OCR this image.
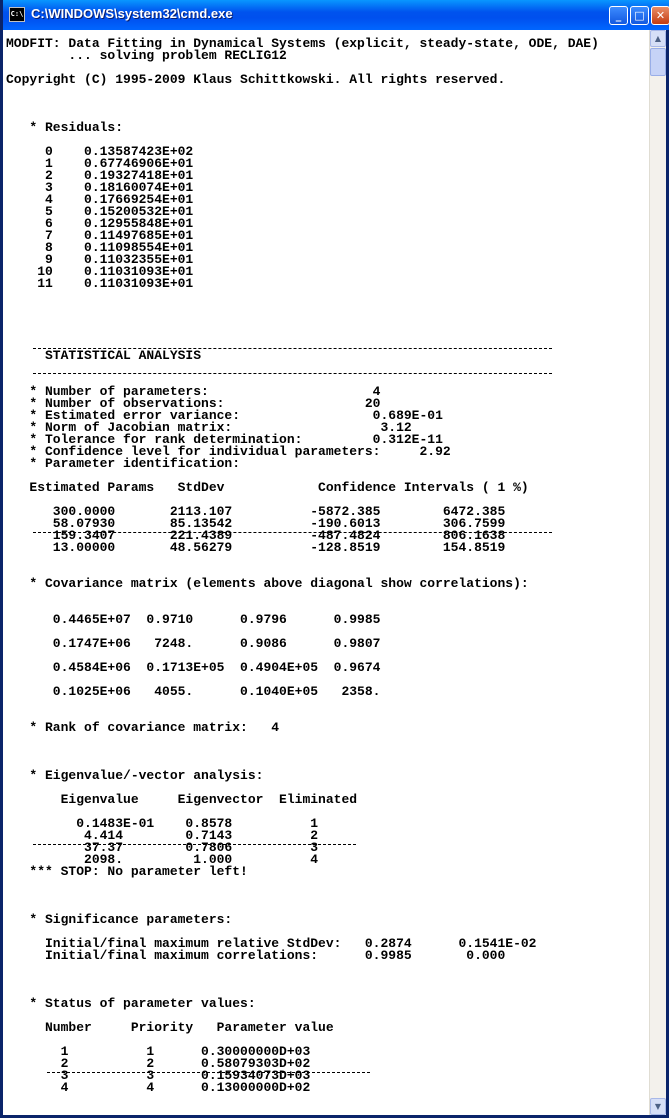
C:\ C:\WINDOWS\system32\cmd.exe	_	□	✕
MODFIT: Data Fitting in Dynamical Systems (explicit, steady-state, ODE, DAE)
... solving problem RECLIG12
Copyright (C) 1995-2009 Klaus Schittkowski. All rights reserved.
* Residuals:
0    0.13587423E+02
1    0.67746906E+01
2    0.19327418E+01
3    0.18160074E+01
4    0.17669254E+01
5    0.15200532E+01
6    0.12955848E+01
7    0.11497685E+01
8    0.11098554E+01
9    0.11032355E+01
10    0.11031093E+01
11    0.11031093E+01
STATISTICAL ANALYSIS
* Number of parameters:                     4
* Number of observations:                  20
* Estimated error variance:                 0.689E-01
* Norm of Jacobian matrix:                   3.12
* Tolerance for rank determination:         0.312E-11
* Confidence level for individual parameters:     2.92
* Parameter identification:
Estimated Params   StdDev            Confidence Intervals ( 1 %)
300.0000       2113.107          -5872.385        6472.385
58.07930       85.13542          -190.6013        306.7599
159.3407       221.4389          -487.4824        806.1638
13.00000       48.56279          -128.8519        154.8519
* Covariance matrix (elements above diagonal show correlations):
0.4465E+07  0.9710      0.9796      0.9985
0.1747E+06   7248.      0.9086      0.9807
0.4584E+06  0.1713E+05  0.4904E+05  0.9674
0.1025E+06   4055.      0.1040E+05   2358.
* Rank of covariance matrix:   4
* Eigenvalue/-vector analysis:
Eigenvalue     Eigenvector  Eliminated
0.1483E-01    0.8578          1
4.414        0.7143          2
37.37        0.7806          3
2098.         1.000          4
*** STOP: No parameter left!
* Significance parameters:
Initial/final maximum relative StdDev:   0.2874      0.1541E-02
Initial/final maximum correlations:      0.9985       0.000
* Status of parameter values:
Number     Priority   Parameter value
1          1      0.30000000D+03
2          2      0.58079303D+02
3          3      0.15934073D+03
4          4      0.13000000D+02
▲
▼
